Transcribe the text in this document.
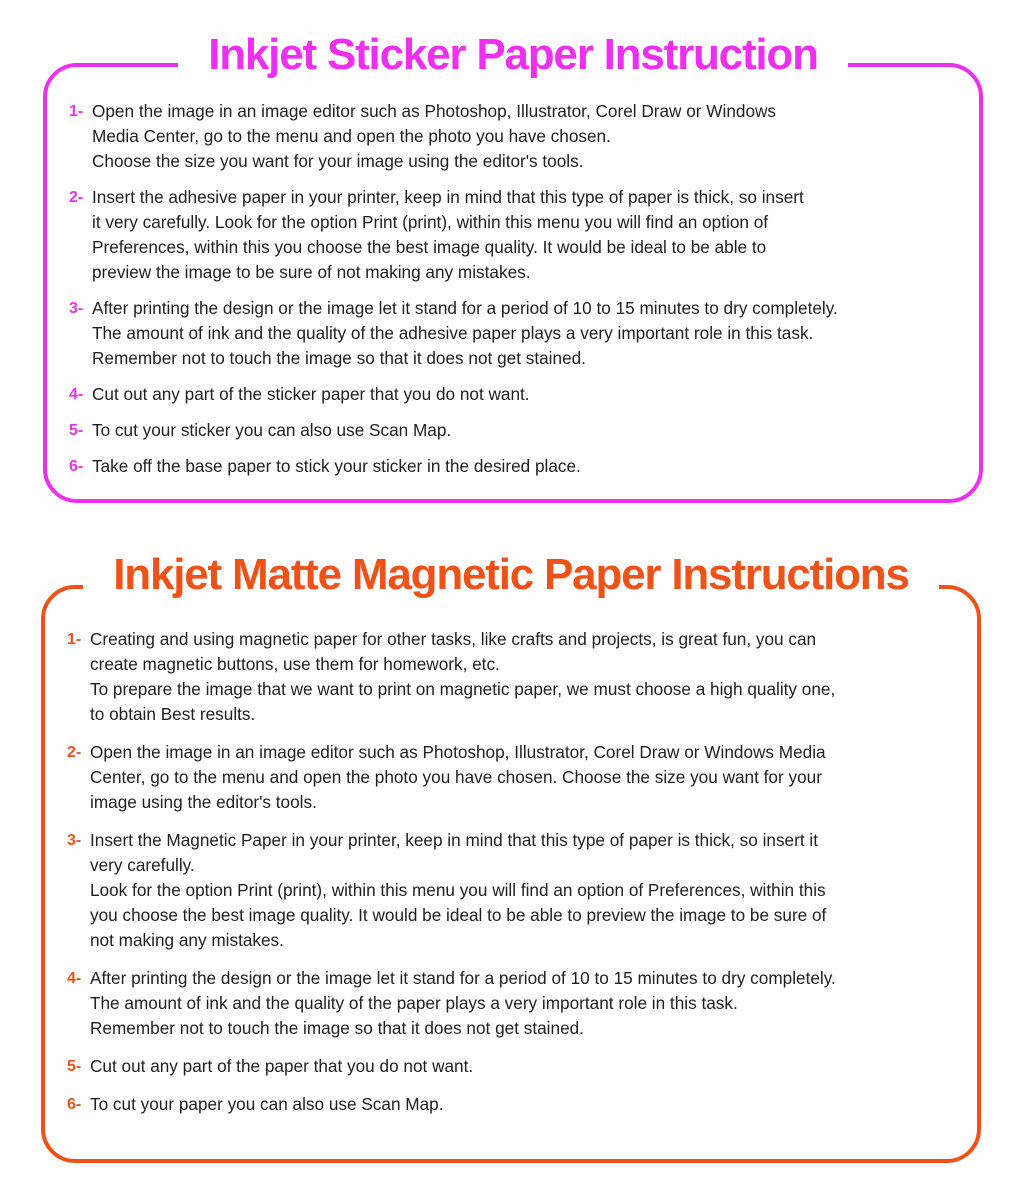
Inkjet Sticker Paper Instruction
1- Open the image in an image editor such as Photoshop, Illustrator, Corel Draw or Windows
Media Center, go to the menu and open the photo you have chosen.
Choose the size you want for your image using the editor's tools.
2- Insert the adhesive paper in your printer, keep in mind that this type of paper is thick, so insert
it very carefully. Look for the option Print (print), within this menu you will find an option of
Preferences, within this you choose the best image quality. It would be ideal to be able to
preview the image to be sure of not making any mistakes.
3- After printing the design or the image let it stand for a period of 10 to 15 minutes to dry completely.
The amount of ink and the quality of the adhesive paper plays a very important role in this task.
Remember not to touch the image so that it does not get stained.
4- Cut out any part of the sticker paper that you do not want.
5- To cut your sticker you can also use Scan Map.
6- Take off the base paper to stick your sticker in the desired place.
Inkjet Matte Magnetic Paper Instructions
1- Creating and using magnetic paper for other tasks, like crafts and projects, is great fun, you can
create magnetic buttons, use them for homework, etc.
To prepare the image that we want to print on magnetic paper, we must choose a high quality one,
to obtain Best results.
2- Open the image in an image editor such as Photoshop, Illustrator, Corel Draw or Windows Media
Center, go to the menu and open the photo you have chosen. Choose the size you want for your
image using the editor's tools.
3- Insert the Magnetic Paper in your printer, keep in mind that this type of paper is thick, so insert it
very carefully.
Look for the option Print (print), within this menu you will find an option of Preferences, within this
you choose the best image quality. It would be ideal to be able to preview the image to be sure of
not making any mistakes.
4- After printing the design or the image let it stand for a period of 10 to 15 minutes to dry completely.
The amount of ink and the quality of the paper plays a very important role in this task.
Remember not to touch the image so that it does not get stained.
5- Cut out any part of the paper that you do not want.
6- To cut your paper you can also use Scan Map.
